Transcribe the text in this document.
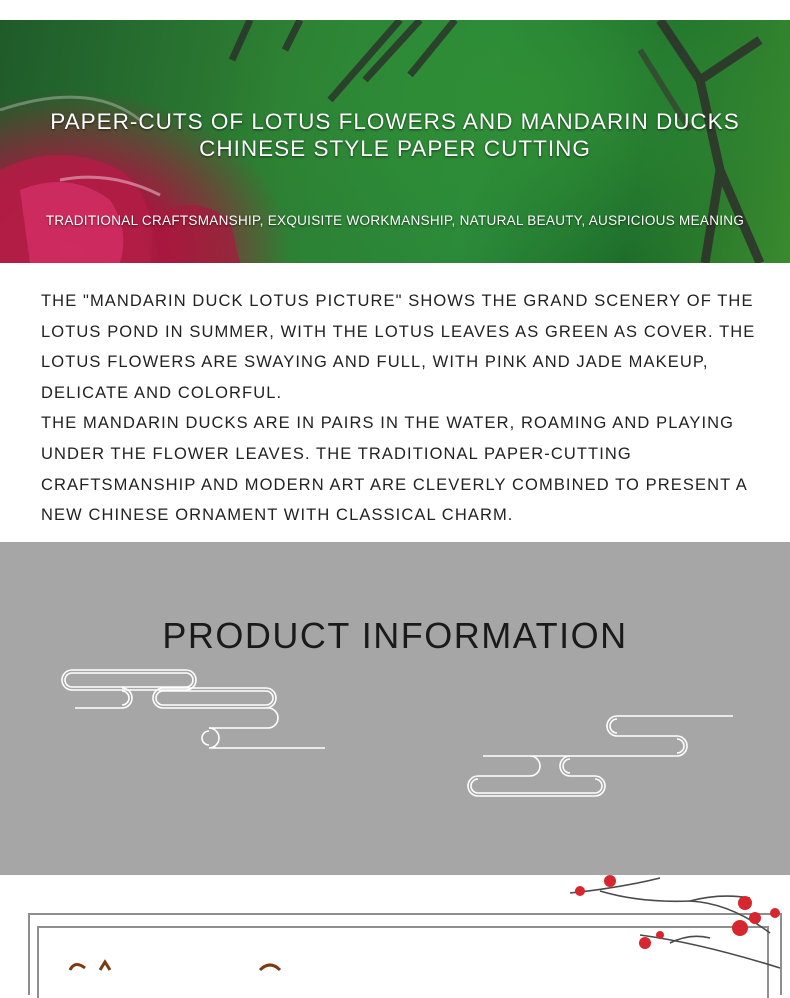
PAPER-CUTS OF LOTUS FLOWERS AND MANDARIN DUCKS
CHINESE STYLE PAPER CUTTING
TRADITIONAL CRAFTSMANSHIP, EXQUISITE WORKMANSHIP, NATURAL BEAUTY, AUSPICIOUS MEANING

THE "MANDARIN DUCK LOTUS PICTURE" SHOWS THE GRAND SCENERY OF THE LOTUS POND IN SUMMER, WITH THE LOTUS LEAVES AS GREEN AS COVER. THE LOTUS FLOWERS ARE SWAYING AND FULL, WITH PINK AND JADE MAKEUP, DELICATE AND COLORFUL.

THE MANDARIN DUCKS ARE IN PAIRS IN THE WATER, ROAMING AND PLAYING UNDER THE FLOWER LEAVES. THE TRADITIONAL PAPER-CUTTING CRAFTSMANSHIP AND MODERN ART ARE CLEVERLY COMBINED TO PRESENT A NEW CHINESE ORNAMENT WITH CLASSICAL CHARM.

PRODUCT INFORMATION
